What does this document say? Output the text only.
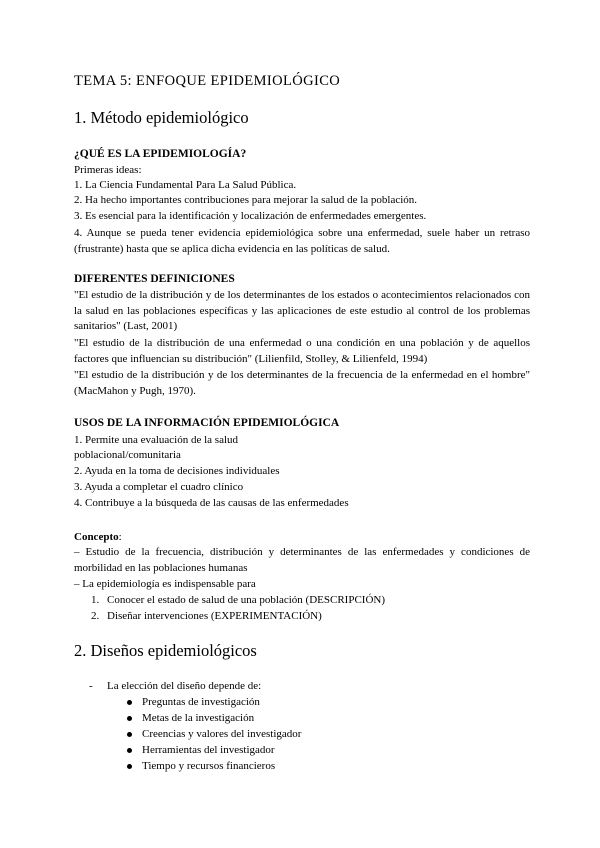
TEMA 5: ENFOQUE EPIDEMIOLÓGICO
1. Método epidemiológico
¿QUÉ ES LA EPIDEMIOLOGÍA?
Primeras ideas:
1. La Ciencia Fundamental Para La Salud Pública.
2. Ha hecho importantes contribuciones para mejorar la salud de la población.
3. Es esencial para la identificación y localización de enfermedades emergentes.
4. Aunque se pueda tener evidencia epidemiológica sobre una enfermedad, suele haber un retraso (frustrante) hasta que se aplica dicha evidencia en las políticas de salud.
DIFERENTES DEFINICIONES
"El estudio de la distribución y de los determinantes de los estados o acontecimientos relacionados con la salud en las poblaciones específicas y las aplicaciones de este estudio al control de los problemas sanitarios" (Last, 2001)
"El estudio de la distribución de una enfermedad o una condición en una población y de aquellos factores que influencian su distribución" (Lilienfild, Stolley, & Lilienfeld, 1994)
"El estudio de la distribución y de los determinantes de la frecuencia de la enfermedad en el hombre" (MacMahon y Pugh, 1970).
USOS DE LA INFORMACIÓN EPIDEMIOLÓGICA
1. Permite una evaluación de la salud
poblacional/comunitaria
2. Ayuda en la toma de decisiones individuales
3. Ayuda a completar el cuadro clínico
4. Contribuye a la búsqueda de las causas de las enfermedades
Concepto:
– Estudio de la frecuencia, distribución y determinantes de las enfermedades y condiciones de morbilidad en las poblaciones humanas
– La epidemiología es indispensable para
1. Conocer el estado de salud de una población (DESCRIPCIÓN)
2. Diseñar intervenciones (EXPERIMENTACIÓN)
2. Diseños epidemiológicos
- La elección del diseño depende de:
Preguntas de investigación
Metas de la investigación
Creencias y valores del investigador
Herramientas del investigador
Tiempo y recursos financieros
